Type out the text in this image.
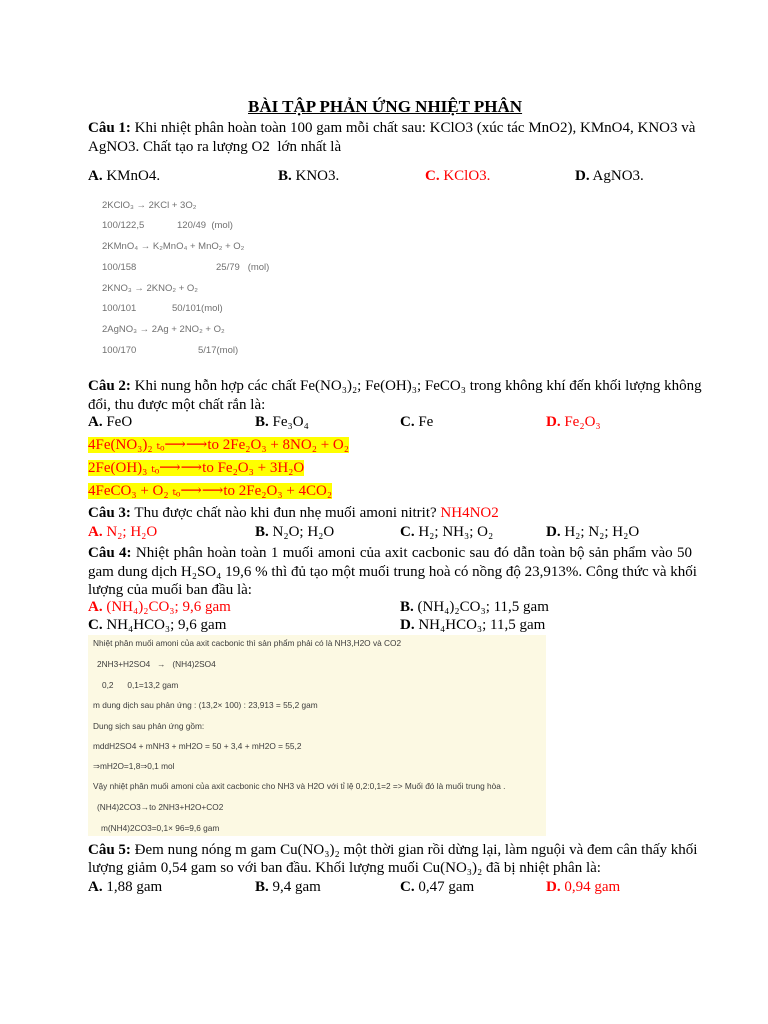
BÀI TẬP PHẢN ỨNG NHIỆT PHÂN
Câu 1: Khi nhiệt phân hoàn toàn 100 gam mỗi chất sau: KClO3 (xúc tác MnO2), KMnO4, KNO3 và
AgNO3. Chất tạo ra lượng O2  lớn nhất là
A. KMnO4.	B. KNO3.	C. KClO3.	D. AgNO3.
2KClO₃ → 2KCl + 3O₂
100/122,5	120/49  (mol)
2KMnO₄ → K₂MnO₄ + MnO₂ + O₂
100/158	25/79   (mol)
2KNO₃ → 2KNO₂ + O₂
100/101	50/101(mol)
2AgNO₃ → 2Ag + 2NO₂ + O₂
100/170	5/17(mol)
Câu 2: Khi nung hỗn hợp các chất Fe(NO₃)₂; Fe(OH)₃; FeCO₃ trong không khí đến khối lượng không
đổi, thu được một chất rắn là:
A. FeO	B. Fe₃O₄	C. Fe	D. Fe₂O₃
4Fe(NO₃)₂ ₜₒ⟶⟶to 2Fe₂O₃ + 8NO₂ + O₂
2Fe(OH)₃ ₜₒ⟶⟶to Fe₂O₃ + 3H₂O
4FeCO₃ + O₂ ₜₒ⟶⟶to 2Fe₂O₃ + 4CO₂
Câu 3: Thu được chất nào khi đun nhẹ muối amoni nitrit? NH4NO2
A. N₂; H₂O	B. N₂O; H₂O	C. H₂; NH₃; O₂	D. H₂; N₂; H₂O
Câu 4: Nhiệt phân hoàn toàn 1 muối amoni của axit cacbonic sau đó dẫn toàn bộ sản phẩm vào 50
gam dung dịch H₂SO₄ 19,6 % thì đủ tạo một muối trung hoà có nồng độ 23,913%. Công thức và khối
lượng của muối ban đầu là:
A. (NH₄)₂CO₃; 9,6 gam	B. (NH₄)₂CO₃; 11,5 gam
C. NH₄HCO₃; 9,6 gam	D. NH₄HCO₃; 11,5 gam
Nhiệt phân muối amoni của axit cacbonic thì sản phẩm phải có là NH3,H2O và CO2
2NH3+H2SO4   →   (NH4)2SO4
0,2      0,1=13,2 gam
m dung dịch sau phản ứng : (13,2× 100) : 23,913 = 55,2 gam
Dung sịch sau phản ứng gồm:
mddH2SO4 + mNH3 + mH2O = 50 + 3,4 + mH2O = 55,2
⇒mH2O=1,8⇒0,1 mol
Vậy nhiệt phân muối amoni của axit cacbonic cho NH3 và H2O với tỉ lệ 0,2:0,1=2 => Muối đó là muối trung hòa .
(NH4)2CO3→to 2NH3+H2O+CO2
m(NH4)2CO3=0,1× 96=9,6 gam
Câu 5: Đem nung nóng m gam Cu(NO₃)₂ một thời gian rồi dừng lại, làm nguội và đem cân thấy khối
lượng giảm 0,54 gam so với ban đầu. Khối lượng muối Cu(NO₃)₂ đã bị nhiệt phân là:
A. 1,88 gam	B. 9,4 gam	C. 0,47 gam	D. 0,94 gam
